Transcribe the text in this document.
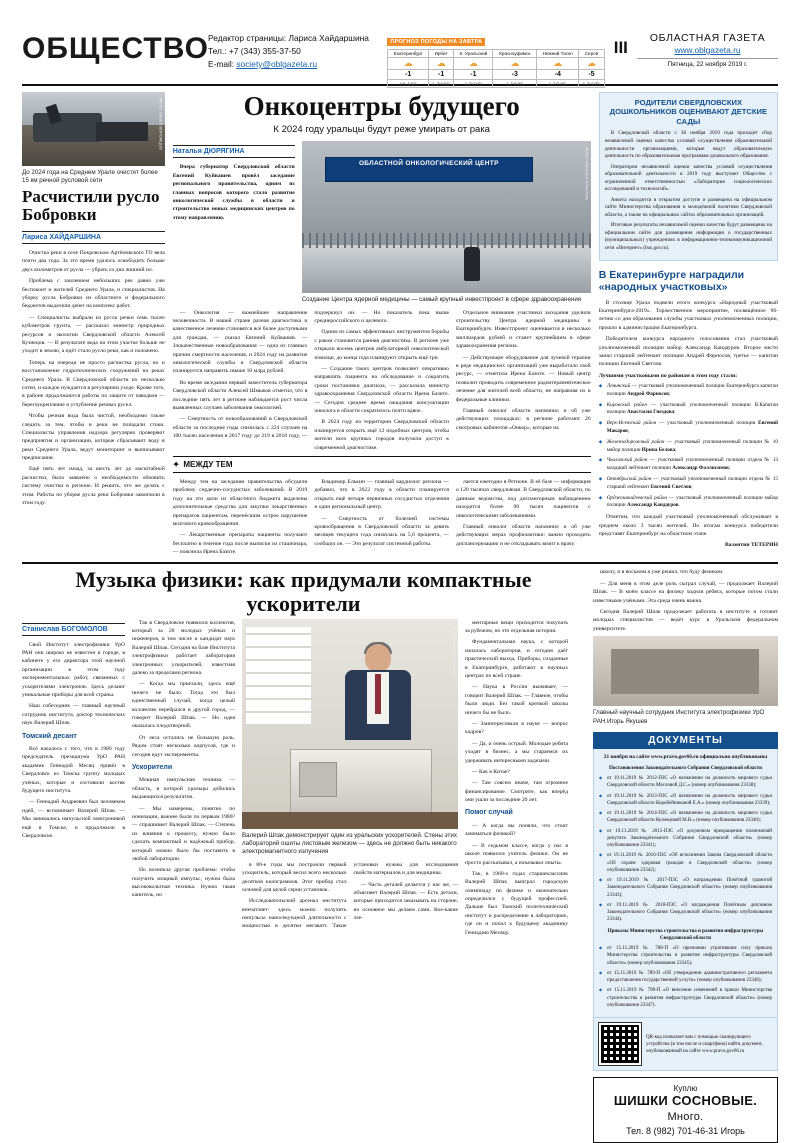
ОБЩЕСТВО Редактор страницы: Лариса Хайдаршина
Тел.: +7 (343) 355-37-50
E-mail: society@oblgazeta.ru
ПРОГНОЗ ПОГОДЫ НА ЗАВТРА
Екатеринбург	Ирбит	К.-Уральский	Красноуфимск	Нижний Тагил	Серов
☁	☁	☁	☁	☁	☁
-1	-1	-1	-3	-4	-5
з-в, 4 м/с	з, 3-4 м/с	з, 3-4 м/с	з, 3-4 м/с	з, 3-4 м/с	з, 3-4 м/с
III	ОБЛАСТНАЯ ГАЗЕТА
www.oblgazeta.ru
Пятница, 22 ноября 2019 г.
ФОТО: ПАВЕЛ ВОРОЖЦОВ
До 2024 года на Среднем Урале очистят более 15 км речной русловой сети
Расчистили русло Бобровки
Лариса ХАЙДАРШИНА

Очистка реки в селе Покровском Артёмовского ГО вела почти два года. За это время удалось освободить больше двух километров от русла — убрать со дна лишний ил.

Проблема с заилением небольших рек давно уже беспокоит и жителей Среднего Урала, и специалистов. На уборку русла Бобровки из областного и федерального бюджетов выделили денег на комплекс работ.

— Специалисты выбрали из русла речки семь тысяч кубометров грунта, — рассказал министр природных ресурсов и экологии Свердловской области Алексей Кузнецов. — В результате вода на этом участке больше не уходит в землю, а идёт стало русло реки, как и положено.

Теперь на очереди не просто расчистка русла, но и восстановление гидротехнических сооружений на реках Среднего Урала. В Свердловской области их несколько сотен, и каждое нуждается в регулярном уходе. Кроме того, в районе продолжаются работы по защите от паводков — берегоукрепление и углубление речных русел.

Чтобы речная вода была чистой, необходимо также следить за тем, чтобы в реки не попадали стоки. Специалисты управления надзора регулярно проверяют предприятия и организации, которые сбрасывают воду в реки Среднего Урала, ведут мониторинг и выписывают предписания.

Ещё пять лет назад, за шесть лет до масштабной расчистки, было заявлено о необходимости обновить систему очистки в регионе. И решить, что же делать с этим. Работы по уборке русла реки Бобровки закончили в этом году.

Онкоцентры будущего
К 2024 году уральцы будут реже умирать от рака
Наталья ДЮРЯГИНА

Вчера губернатор Свердловской области Евгений Куйвашев провёл заседание регионального правительства, одним из главных вопросов которого стало развитие онкологической службы в области и строительство новых медицинских центров по этому направлению.

ОБЛАСТНОЙ ОНКОЛОГИЧЕСКИЙ ЦЕНТР	ФОТО: АЛЕКСЕЙ КУНИЛОВ
Создание Центра ядерной медицины — самый крупный инвестпроект в сфере здравоохранения

— Онкология — важнейшее направление человечности. В нашей стране разная диагностика и качественное лечение становятся всё более доступными для граждан, — сказал Евгений Куйвашев. — Злокачественные новообразования — одна из главных причин смертности населения, и 2024 году на развитие онкологической службы в Свердловской области планируется направить свыше 10 млрд рублей.

Во время заседания первый заместитель губернатора Свердловской области Алексей Шмыков отметил, что в последние пять лет в регионе наблюдается рост числа выявленных случаев заболевания онкологией.

— Смертность от новообразований в Свердловской области за последние годы снизилась с 224 случаев на 100 тысяч населения в 2017 году до 219 в 2018 году, — подчеркнул он. — Но показатель пока выше среднероссийского и целевого.

Одним из самых эффективных инструментов борьбы с раком становится ранняя диагностика. В регионе уже открыли восемь центров амбулаторной онкологической помощи, до конца года планируют открыть ещё три.

— Создание таких центров позволяет оперативно направлять пациента на обследование и сократить сроки постановки диагноза, — рассказала министр здравоохранения Свердловской области Ирена Базите. — Сегодня среднее время ожидания консультации онколога в области сократилось почти вдвое.

В 2024 году на территории Свердловской области планируется открыть ещё 12 подобных центров, чтобы жители всех крупных городов получили доступ к современной диагностике.

Отдельное внимание участники заседания уделили строительству Центра ядерной медицины в Екатеринбурге. Инвестпроект оценивается в несколько миллиардов рублей и станет крупнейшим в сфере здравоохранения региона.

— Действующее оборудование для лучевой терапии в ряде медицинских организаций уже выработало свой ресурс, — отметила Ирена Базите. — Новый центр позволит проводить современное радиотерапевтическое лечение для жителей всей области, не направляя их в федеральные клиники.

Главный онколог области напомнил и об уже действующих площадках: в регионе работают 26 смотровых кабинетов «Онкор», которые на

✦ МЕЖДУ ТЕМ

Между тем на заседании правительства обсудили проблему сердечно-сосудистых заболеваний. В 2019 году на эти цели из областного бюджета выделены дополнительные средства для закупки лекарственных препаратов пациентам, перенёсшим острое нарушение мозгового кровообращения.

— Лекарственные препараты пациенты получают бесплатно в течение года после выписки из стационара, — пояснила Ирена Базите.

Владимир Елькин — главный кардиолог региона — добавил, что в 2022 году в области планируется открыть ещё четыре первичных сосудистых отделения и один региональный центр.

— Смертность от болезней системы кровообращения в Свердловской области за девять месяцев текущего года снизилась на 5,6 процента, — сообщил он. — Это результат системной работы.

лается ежегодно в Регионе. В её базе — информация о 120 тысячах свердловчан. В Свердловской области, по данным ведомства, под диспансерным наблюдением находится более 90 тысяч пациентов с онкологическими заболеваниями.

Главный онколог области напомнил и об уже действующих мерах профилактики: важно проходить диспансеризацию и не откладывать визит к врачу.

РОДИТЕЛИ СВЕРДЛОВСКИХ ДОШКОЛЬНИКОВ ОЦЕНИВАЮТ ДЕТСКИЕ САДЫ

В Свердловской области с 30 ноября 2019 года проходит сбор независимой оценки качества условий осуществления образовательной деятельности организациями, которые ведут образовательную деятельность по образовательным программам дошкольного образования.

Оператором независимой оценки качества условий осуществления образовательной деятельности в 2019 году выступает Общество с ограниченной ответственностью «Лаборатория социологических исследований и технологий».

Анкета находится в открытом доступе и размещена на официальном сайте Министерства образования и молодёжной политики Свердловской области, а также на официальных сайтах образовательных организаций.

Итоговые результаты независимой оценки качества будут размещены на официальном сайте для размещения информации о государственных (муниципальных) учреждениях в информационно-телекоммуникационной сети «Интернет» (bus.gov.ru).

В Екатеринбурге наградили «народных участковых»

В столице Урала подвели итоги конкурса «Народный участковый Екатеринбурга-2019». Торжественное мероприятие, посвящённое 96-летию со дня образования службы участковых уполномоченных полиции, прошло в администрации Екатеринбурга.

Победителем конкурса народного голосования стал участковый уполномоченный полиции майор Александр Кандауров. Второе место занял старший лейтенант полиции Андрей Фарносов, третье — капитан полиции Евгений Светлов.

Лучшими участковыми по районам в этом году стали:

◆ Ленинский — участковый уполномоченный полиции Екатеринбурга капитан полиции Андрей Фарносов;
◆ Кировский район — участковый уполномоченный полиции В.Капитан полиции Анастасия Гнездова;
◆ Верх-Исетский район — участковый уполномоченный полиции Евгений Макаров;
◆ Железнодорожный район — участковый уполномоченный полиции № 10 майор полиции Ирина Белова;
◆ Чкаловский район — участковый уполномоченный полиции отдела № 13 младший лейтенант полиции Александр Фаллисимов;
◆ Октябрьский район — участковый уполномоченный полиции отдела № 15 старший лейтенант Евгений Светлов;
◆ Орджоникидзевский район — участковый уполномоченный полиции майор полиции Александр Кандауров.

Отметим, что каждый участковый уполномоченный обслуживает в среднем около 3 тысяч жителей. По итогам конкурса победители представят Екатеринбург на областном этапе.

Валентин ТЕТЕРИН

Музыка физики: как придумали компактные ускорители
Станислав БОГОМОЛОВ

Свой Институт электрофизики УрО РАН они широко не известен в городе, в кабинете у его директора этой научной организации в этом году экспериментальных работ, связанных с ускорителями электронов. Здесь делают уникальные приборы для всей страны.

Наш собеседник — главный научный сотрудник института, доктор технических наук Валерий Шпак.

Томский десант

Всё началось с того, что в 1986 году председатель президиума УрО РАН академик Геннадий Месяц привёз в Свердловск из Томска группу молодых учёных, которые и составили костяк будущего института.

— Геннадий Андреевич был человеком идей, — вспоминает Валерий Шпак. — Мы занимались импульсной электроникой ещё в Томске, и продолжили в Свердловске.

Так в Свердловске появился коллектив, который за 20 молодых учёных и инженеров, в том числе и кандидат наук Валерий Шпак. Сегодня на базе Института электрофизики работает лаборатория электронных ускорителей, известная далеко за пределами региона.

— Когда мы приехали, здесь ещё ничего не было. Тогда это был единственный случай, когда целый коллектив перебрался в другой город, — говорит Валерий Шпак. — Но идея оказалась плодотворной.

От леса остались не большую роль. Рядом стоят несколько корпусов, где и сегодня идут эксперименты.

Ускорители

Мощная импульсная техника — область, в которой уральцы добились выдающихся результатов.

— Мы намерены, понятно по ионизации, важнее были по первым 1980? — спрашивает Валерий Шпак. — Степень их влияния к процессу, нужно было сделать компактный и надёжный прибор, который можно было бы поставить в любой лаборатории.

Но возникла другая проблема: чтобы получить мощный импульс, нужна была высоковольтная техника. Нужна такая канитель, но

ФОТО: ПАВЕЛ ВОРОЖЦОВ
Валерий Шпак демонстрирует один из уральских ускорителей. Стены этих лабораторий ошиты листовым железом — здесь не должно быть никакого электромагнитного излучения

в 80-е годы мы построили первый ускоритель, который весил всего несколько десятков килограммов. Этот прибор стал основой для целой серии установок.

Исследовательский арсенал института впечатляет: здесь можно получить импульсы наносекундной длительности с мощностью в десятки мегаватт. Такие установки нужны для исследования свойств материалов и для медицины.

— Часть деталей делается у нас же, — объясняет Валерий Шпак. — Есть детали, которые приходится заказывать на стороне, но основное мы делаем сами. Кое-какие эле-

ментарные вещи приходится покупать за рубежом, но это отдельная история.

Фундаментальная наука, с которой началась лаборатория, и сегодня даёт практический выход. Приборы, созданные в Екатеринбурге, работают в научных центрах по всей стране.

— Наука в России выживает, — говорит Валерий Шпак. — Главное, чтобы были люди. Без такой крепкой школы ничего бы не было.

— Заинтересовали в науке — вопрос кадров?

— Да, и очень острый. Молодые ребята уходят в бизнес, а мы стараемся их удерживать интересными задачами.

— Как в Китае?

— Там совсем иначе, там огромное финансирование. Смотрите, как вперёд они ушли за последние 20 лет.

Помог случай

— А когда вы поняли, что стоит заниматься физикой?

— В седьмом классе, когда у нас в школе появился учитель физики. Он не просто рассказывал, а показывал опыты.

Так, в 1960-х годах старшеклассник Валерий Шпак выиграл городскую олимпиаду по физике и окончательно определился с будущей профессией. Дальше был Томский политехнический институт и распределение в лабораторию, где он и попал к будущему академику Геннадию Месяцу.

школу, и в восьмом я уже решил, что буду физиком.

— Для меня в этом деле роль сыграл случай, — продолжает Валерий Шпак. — В моём классе на физику ходили ребята, которые потом стали известными учёными. Эта среда очень важна.

Сегодня Валерий Шпак продолжает работать в институте и готовит молодых специалистов — ведёт курс в Уральском федеральном университете.

Главный научный сотрудник Института электрофизики УрО РАН Игорь Якушев
ДОКУМЕНТЫ
21 ноября на сайте www.pravo.gov66.ru официально опубликованы
Постановления Законодательного Собрания Свердловской области
◆ от 19.11.2019 № 2012-ПЗС «О назначении на должность мирового судьи Свердловской области Масловой Д.С.» (номер опубликования 23338);
◆ от 19.11.2019 № 2013-ПЗС «О назначении на должность мирового судьи Свердловской области Коробейниковой Е.А.» (номер опубликования 23339);
◆ от 19.11.2019 № 2014-ПЗС «О назначении на должность мирового судьи Свердловской области Кузнецовой М.В.» (номер опубликования 23340);
◆ от 19.11.2019 № 2015-ПЗС «О досрочном прекращении полномочий депутата Законодательного Собрания Свердловской области» (номер опубликования 23341);
◆ от 19.11.2019 № 2016-ПЗС «Об исполнении Закона Свердловской области «Об охране здоровья граждан в Свердловской области» (номер опубликования 23342);
◆ от 19.11.2019 № 2017-ПЗС «О награждении Почётной грамотой Законодательного Собрания Свердловской области» (номер опубликования 23343);
◆ от 19.11.2019 № 2018-ПЗС «О награждении Почётным дипломом Законодательного Собрания Свердловской области» (номер опубликования 23344).
Приказы Министерства строительства и развития инфраструктуры Свердловской области
◆ от 15.11.2019 № 788-П «О признании утратившим силу приказа Министерства строительства и развития инфраструктуры Свердловской области» (номер опубликования 23345);
◆ от 15.11.2019 № 789-П «Об утверждении административного регламента предоставления государственной услуги» (номер опубликования 23346);
◆ от 15.11.2019 № 790-П «О внесении изменений в приказ Министерства строительства и развития инфраструктуры Свердловской области» (номер опубликования 23347).
QR-код позволяет вам с помощью сканирующего устройства (в том числе и смартфона) найти документ, опубликованный на сайте www.pravo.gov66.ru
Куплю
ШИШКИ СОСНОВЫЕ. Много.
Тел. 8 (982) 701-46-31 Игорь
